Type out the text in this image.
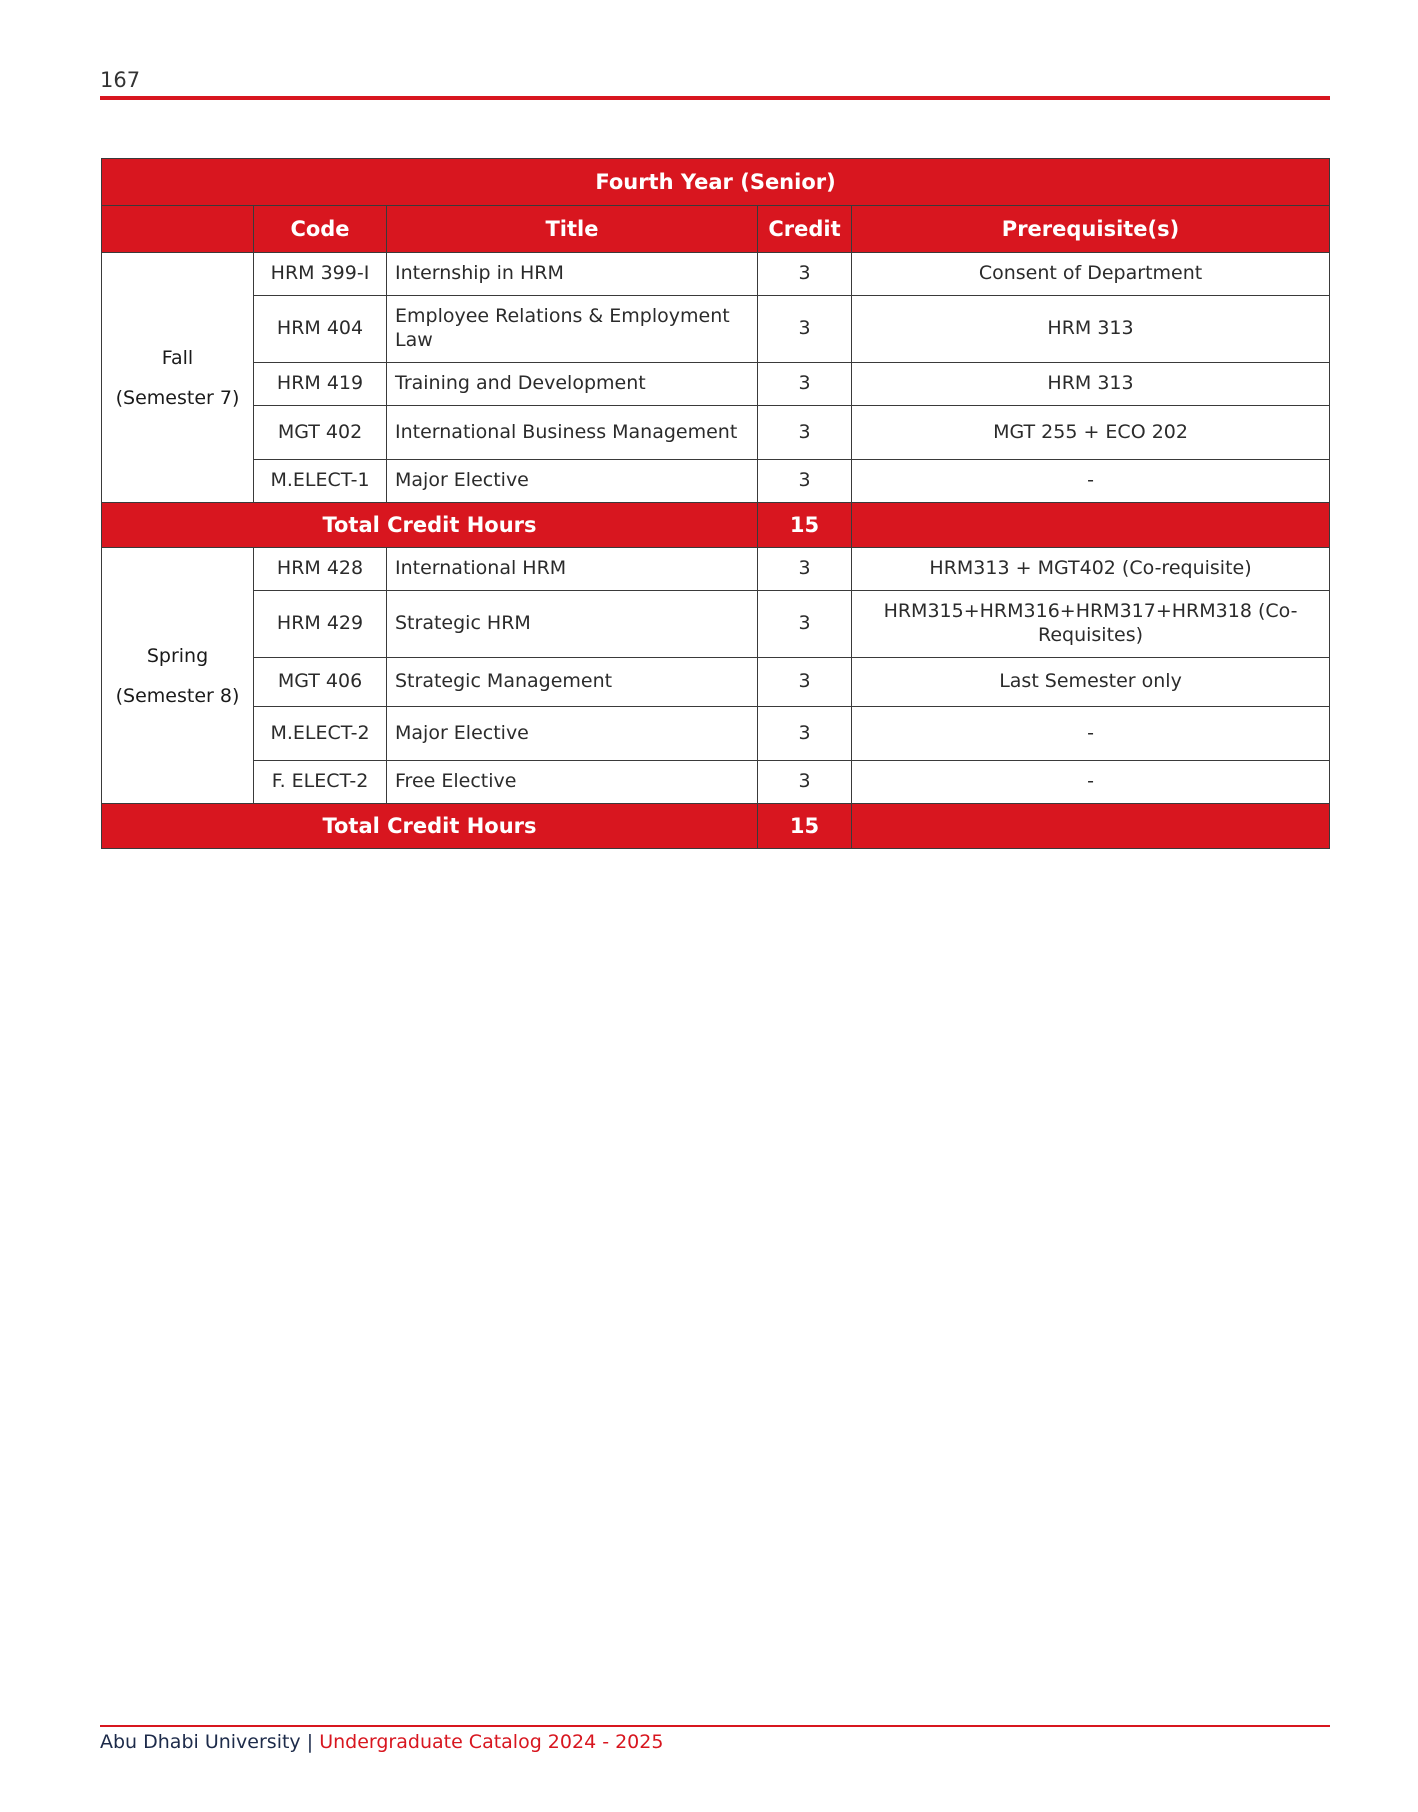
167
Fourth Year (Senior)				
	Code	Title	Credit	Prerequisite(s)

Fall
(Semester 7)	HRM 399-I	Internship in HRM	3	Consent of Department
	HRM 404	Employee Relations & Employment Law	3	HRM 313
	HRM 419	Training and Development	3	HRM 313
	MGT 402	International Business Management	3	MGT 255 + ECO 202
	M.ELECT-1	Major Elective	3	-
Total Credit Hours			15	

Spring
(Semester 8)	HRM 428	International HRM	3	HRM313 + MGT402 (Co-requisite)
	HRM 429	Strategic HRM	3	HRM315+HRM316+HRM317+HRM318 (Co-Requisites)
	MGT 406	Strategic Management	3	Last Semester only
	M.ELECT-2	Major Elective	3	-
	F. ELECT-2	Free Elective	3	-
Total Credit Hours			15	
Abu Dhabi University | Undergraduate Catalog 2024 - 2025
